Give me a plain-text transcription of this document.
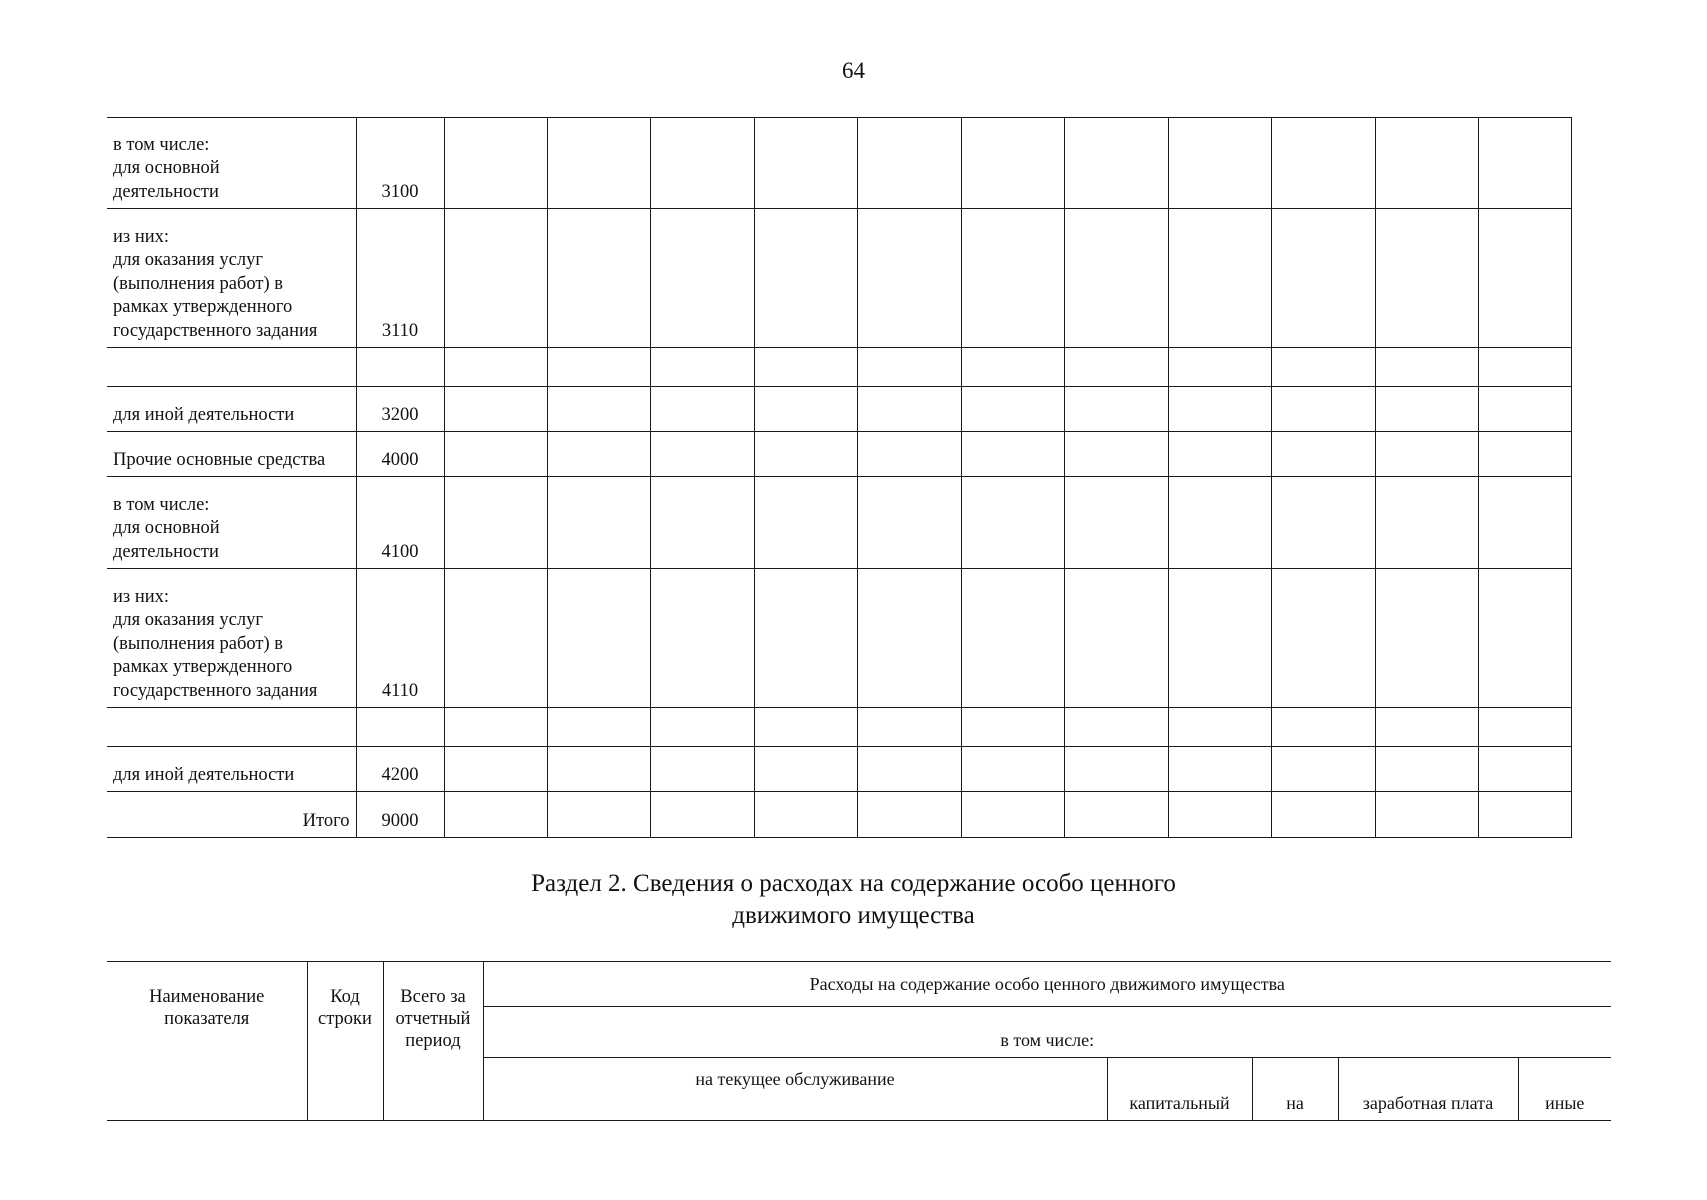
64
в том числе:
для основной
деятельности	3100											

из них:
для оказания услуг
(выполнения работ) в
рамках утвержденного
государственного задания	3110											

для иной деятельности	3200											

Прочие основные средства	4000											

в том числе:
для основной
деятельности	4100											

из них:
для оказания услуг
(выполнения работ) в
рамках утвержденного
государственного задания	4110											

для иной деятельности	4200											

Итого	9000											
Раздел 2. Сведения о расходах на содержание особо ценного
движимого имущества
Наименование показателя	Код строки	Всего за отчетный период	Расходы на содержание особо ценного движимого имущества				
			в том числе:				
			на текущее обслуживание	капитальный	на	заработная плата	иные
